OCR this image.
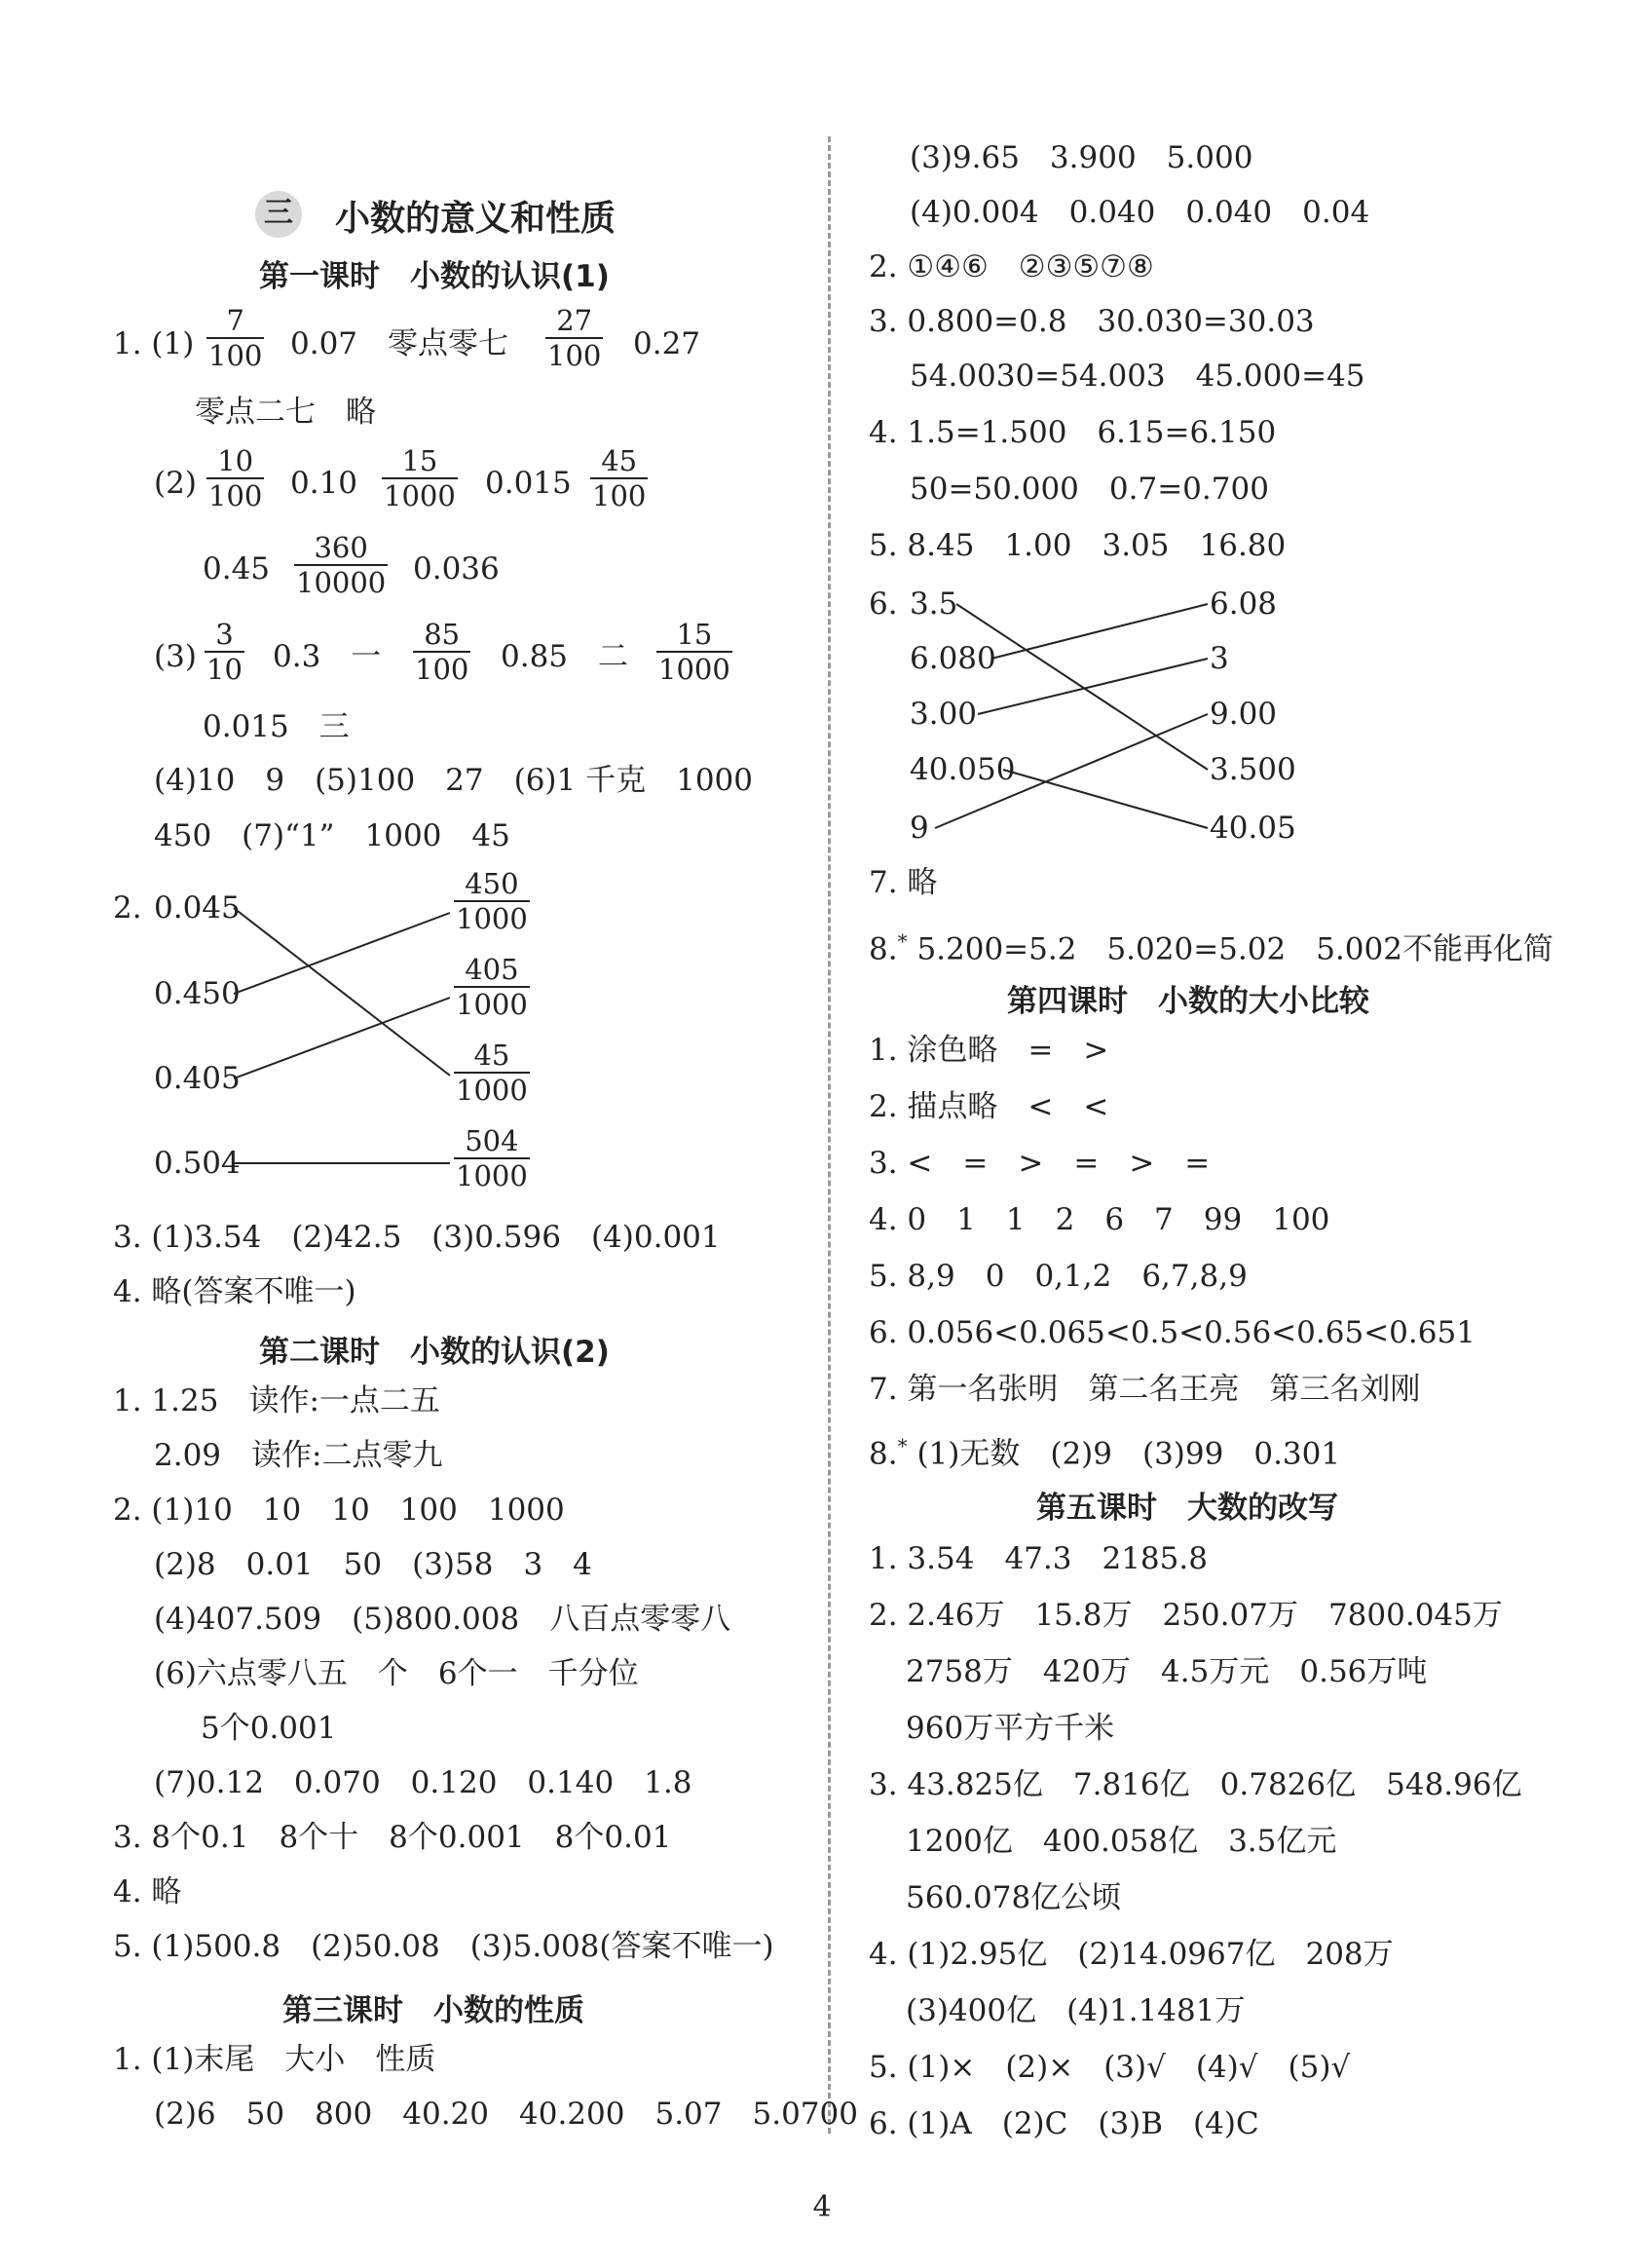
三 小数的意义和性质
第一课时　小数的认识(1)
1. (1)
7
100 0.07　零点零七
27
100 0.27
零点二七　略
(2)
10
100 0.10
15
1000 0.015
45
100
0.45
360
10000 0.036
(3)
3
10 0.3　一
85
100 0.85　二
15
1000
0.015　三
(4)10　9　(5)100　27　(6)1 千克　1000
450　(7)“1”　1000　45
2. 0.045
0.450
0.405
0.504
450
1000
405
1000
45
1000
504
1000
3. (1)3.54　(2)42.5　(3)0.596　(4)0.001
4. 略(答案不唯一)
第二课时　小数的认识(2)
1. 1.25　读作:一点二五
2.09　读作:二点零九
2. (1)10　10　10　100　1000
(2)8　0.01　50　(3)58　3　4
(4)407.509　(5)800.008　八百点零零八
(6)六点零八五　个　6个一　千分位
5个0.001
(7)0.12　0.070　0.120　0.140　1.8
3. 8个0.1　8个十　8个0.001　8个0.01
4. 略
5. (1)500.8　(2)50.08　(3)5.008(答案不唯一)
第三课时　小数的性质
1. (1)末尾　大小　性质
(2)6　50　800　40.20　40.200　5.07　5.0700
(3)9.65　3.900　5.000
(4)0.004　0.040　0.040　0.04
2. ①④⑥　②③⑤⑦⑧
3. 0.800=0.8　30.030=30.03
54.0030=54.003　45.000=45
4. 1.5=1.500　6.15=6.150
50=50.000　0.7=0.700
5. 8.45　1.00　3.05　16.80
6. 3.5
6.080
3.00
40.050
9
6.08
3
9.00
3.500
40.05
7. 略
8.* 5.200=5.2　5.020=5.02　5.002不能再化简
第四课时　小数的大小比较
1. 涂色略　=　>
2. 描点略　<　<
3. <　=　>　=　>　=
4. 0　1　1　2　6　7　99　100
5. 8,9　0　0,1,2　6,7,8,9
6. 0.056<0.065<0.5<0.56<0.65<0.651
7. 第一名张明　第二名王亮　第三名刘刚
8.* (1)无数　(2)9　(3)99　0.301
第五课时　大数的改写
1. 3.54　47.3　2185.8
2. 2.46万　15.8万　250.07万　7800.045万
2758万　420万　4.5万元　0.56万吨
960万平方千米
3. 43.825亿　7.816亿　0.7826亿　548.96亿
1200亿　400.058亿　3.5亿元
560.078亿公顷
4. (1)2.95亿　(2)14.0967亿　208万
(3)400亿　(4)1.1481万
5. (1)×　(2)×　(3)√　(4)√　(5)√
6. (1)A　(2)C　(3)B　(4)C
4
